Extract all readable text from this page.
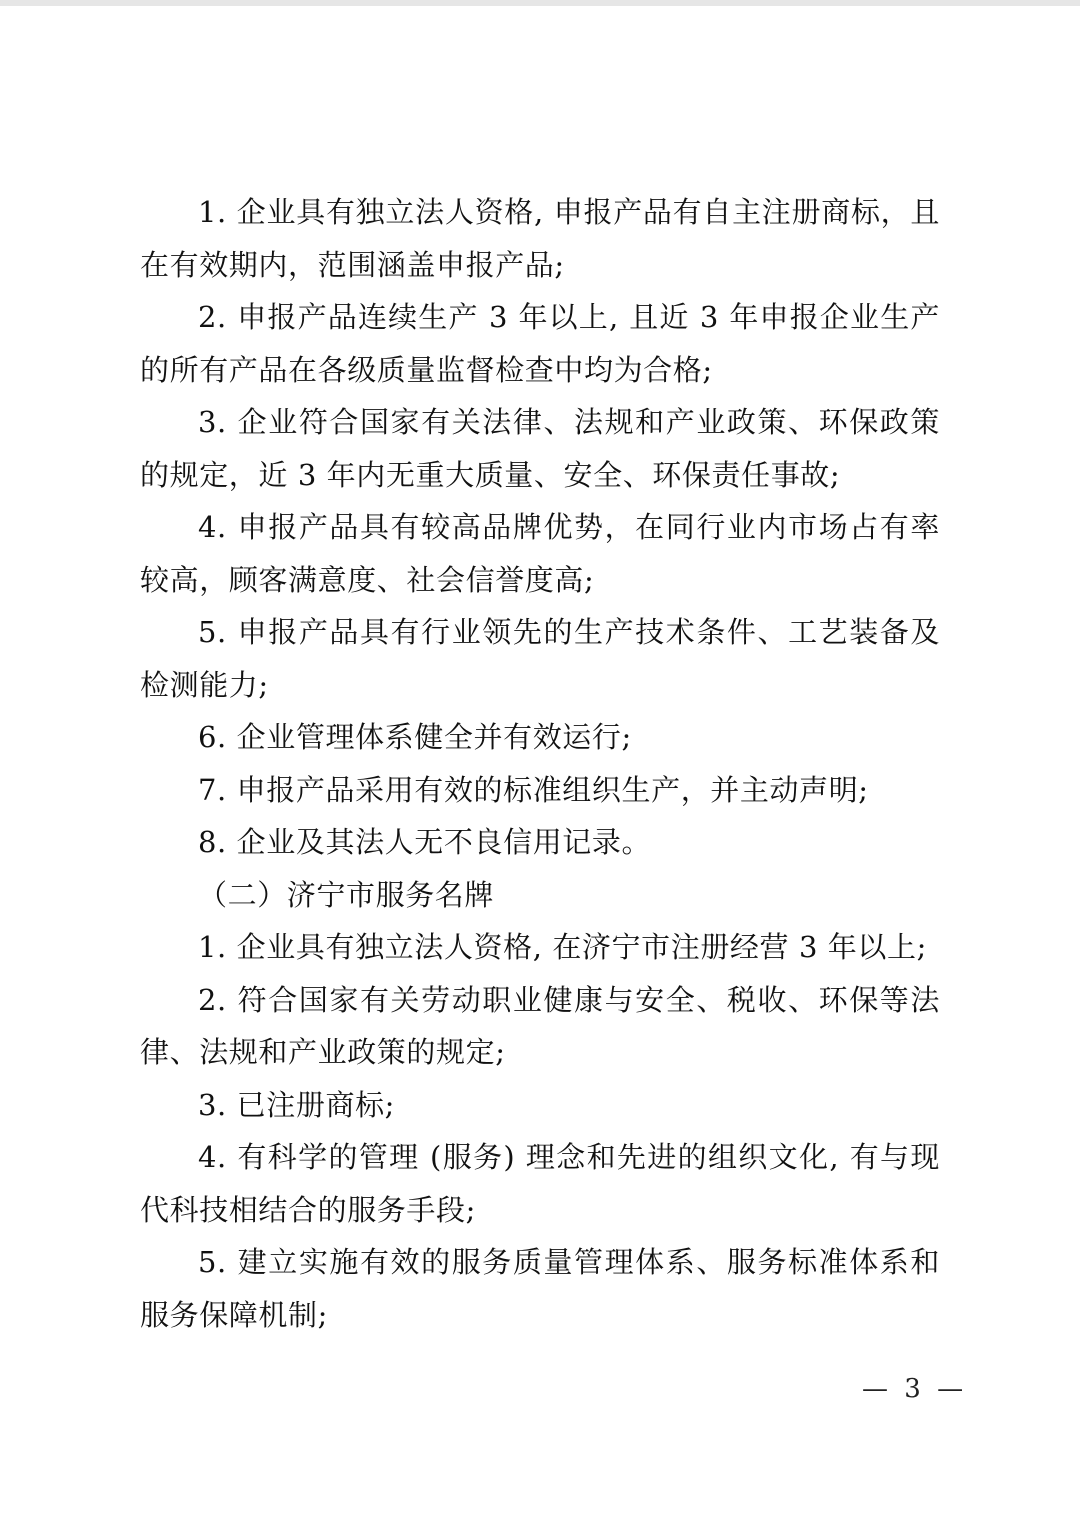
1. 企业具有独立法人资格, 申报产品有自主注册商标，且在有效期内，范围涵盖申报产品;

2. 申报产品连续生产 3 年以上, 且近 3 年申报企业生产的所有产品在各级质量监督检查中均为合格;

3. 企业符合国家有关法律、法规和产业政策、环保政策的规定，近 3 年内无重大质量、安全、环保责任事故;

4. 申报产品具有较高品牌优势，在同行业内市场占有率较高，顾客满意度、社会信誉度高;

5. 申报产品具有行业领先的生产技术条件、工艺装备及检测能力;

6. 企业管理体系健全并有效运行;

7. 申报产品采用有效的标准组织生产，并主动声明;

8. 企业及其法人无不良信用记录。

（二）济宁市服务名牌

1. 企业具有独立法人资格, 在济宁市注册经营 3 年以上;

2. 符合国家有关劳动职业健康与安全、税收、环保等法律、法规和产业政策的规定;

3. 已注册商标;

4. 有科学的管理 (服务) 理念和先进的组织文化, 有与现代科技相结合的服务手段;

5. 建立实施有效的服务质量管理体系、服务标准体系和服务保障机制;

— 3 —
